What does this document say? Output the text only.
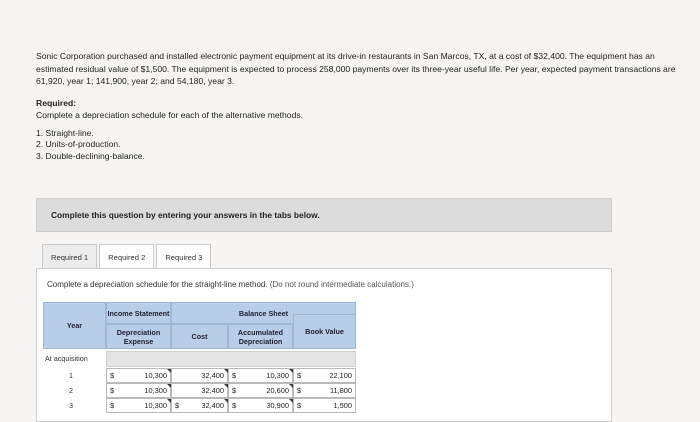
Sonic Corporation purchased and installed electronic payment equipment at its drive-in restaurants in San Marcos, TX, at a cost of $32,400. The equipment has an estimated residual value of $1,500. The equipment is expected to process 258,000 payments over its three-year useful life. Per year, expected payment transactions are 61,920, year 1; 141,900, year 2; and 54,180, year 3.

Required:

Complete a depreciation schedule for each of the alternative methods.

1. Straight-line.
2. Units-of-production.
3. Double-declining-balance.
Complete this question by entering your answers in the tabs below.
Required 1	Required 2	Required 3
Complete a depreciation schedule for the straight-line method. (Do not round intermediate calculations.)
Year
Income Statement
Depreciation Expense
Balance Sheet
Cost	Accumulated Depreciation
Book Value
At acquisition
1	$	10,300	32,400	$	10,300	$	22,100
2	$	10,300	32,400	$	20,600	$	11,800
3	$	10,300	$	32,400	$	30,900	$	1,500
